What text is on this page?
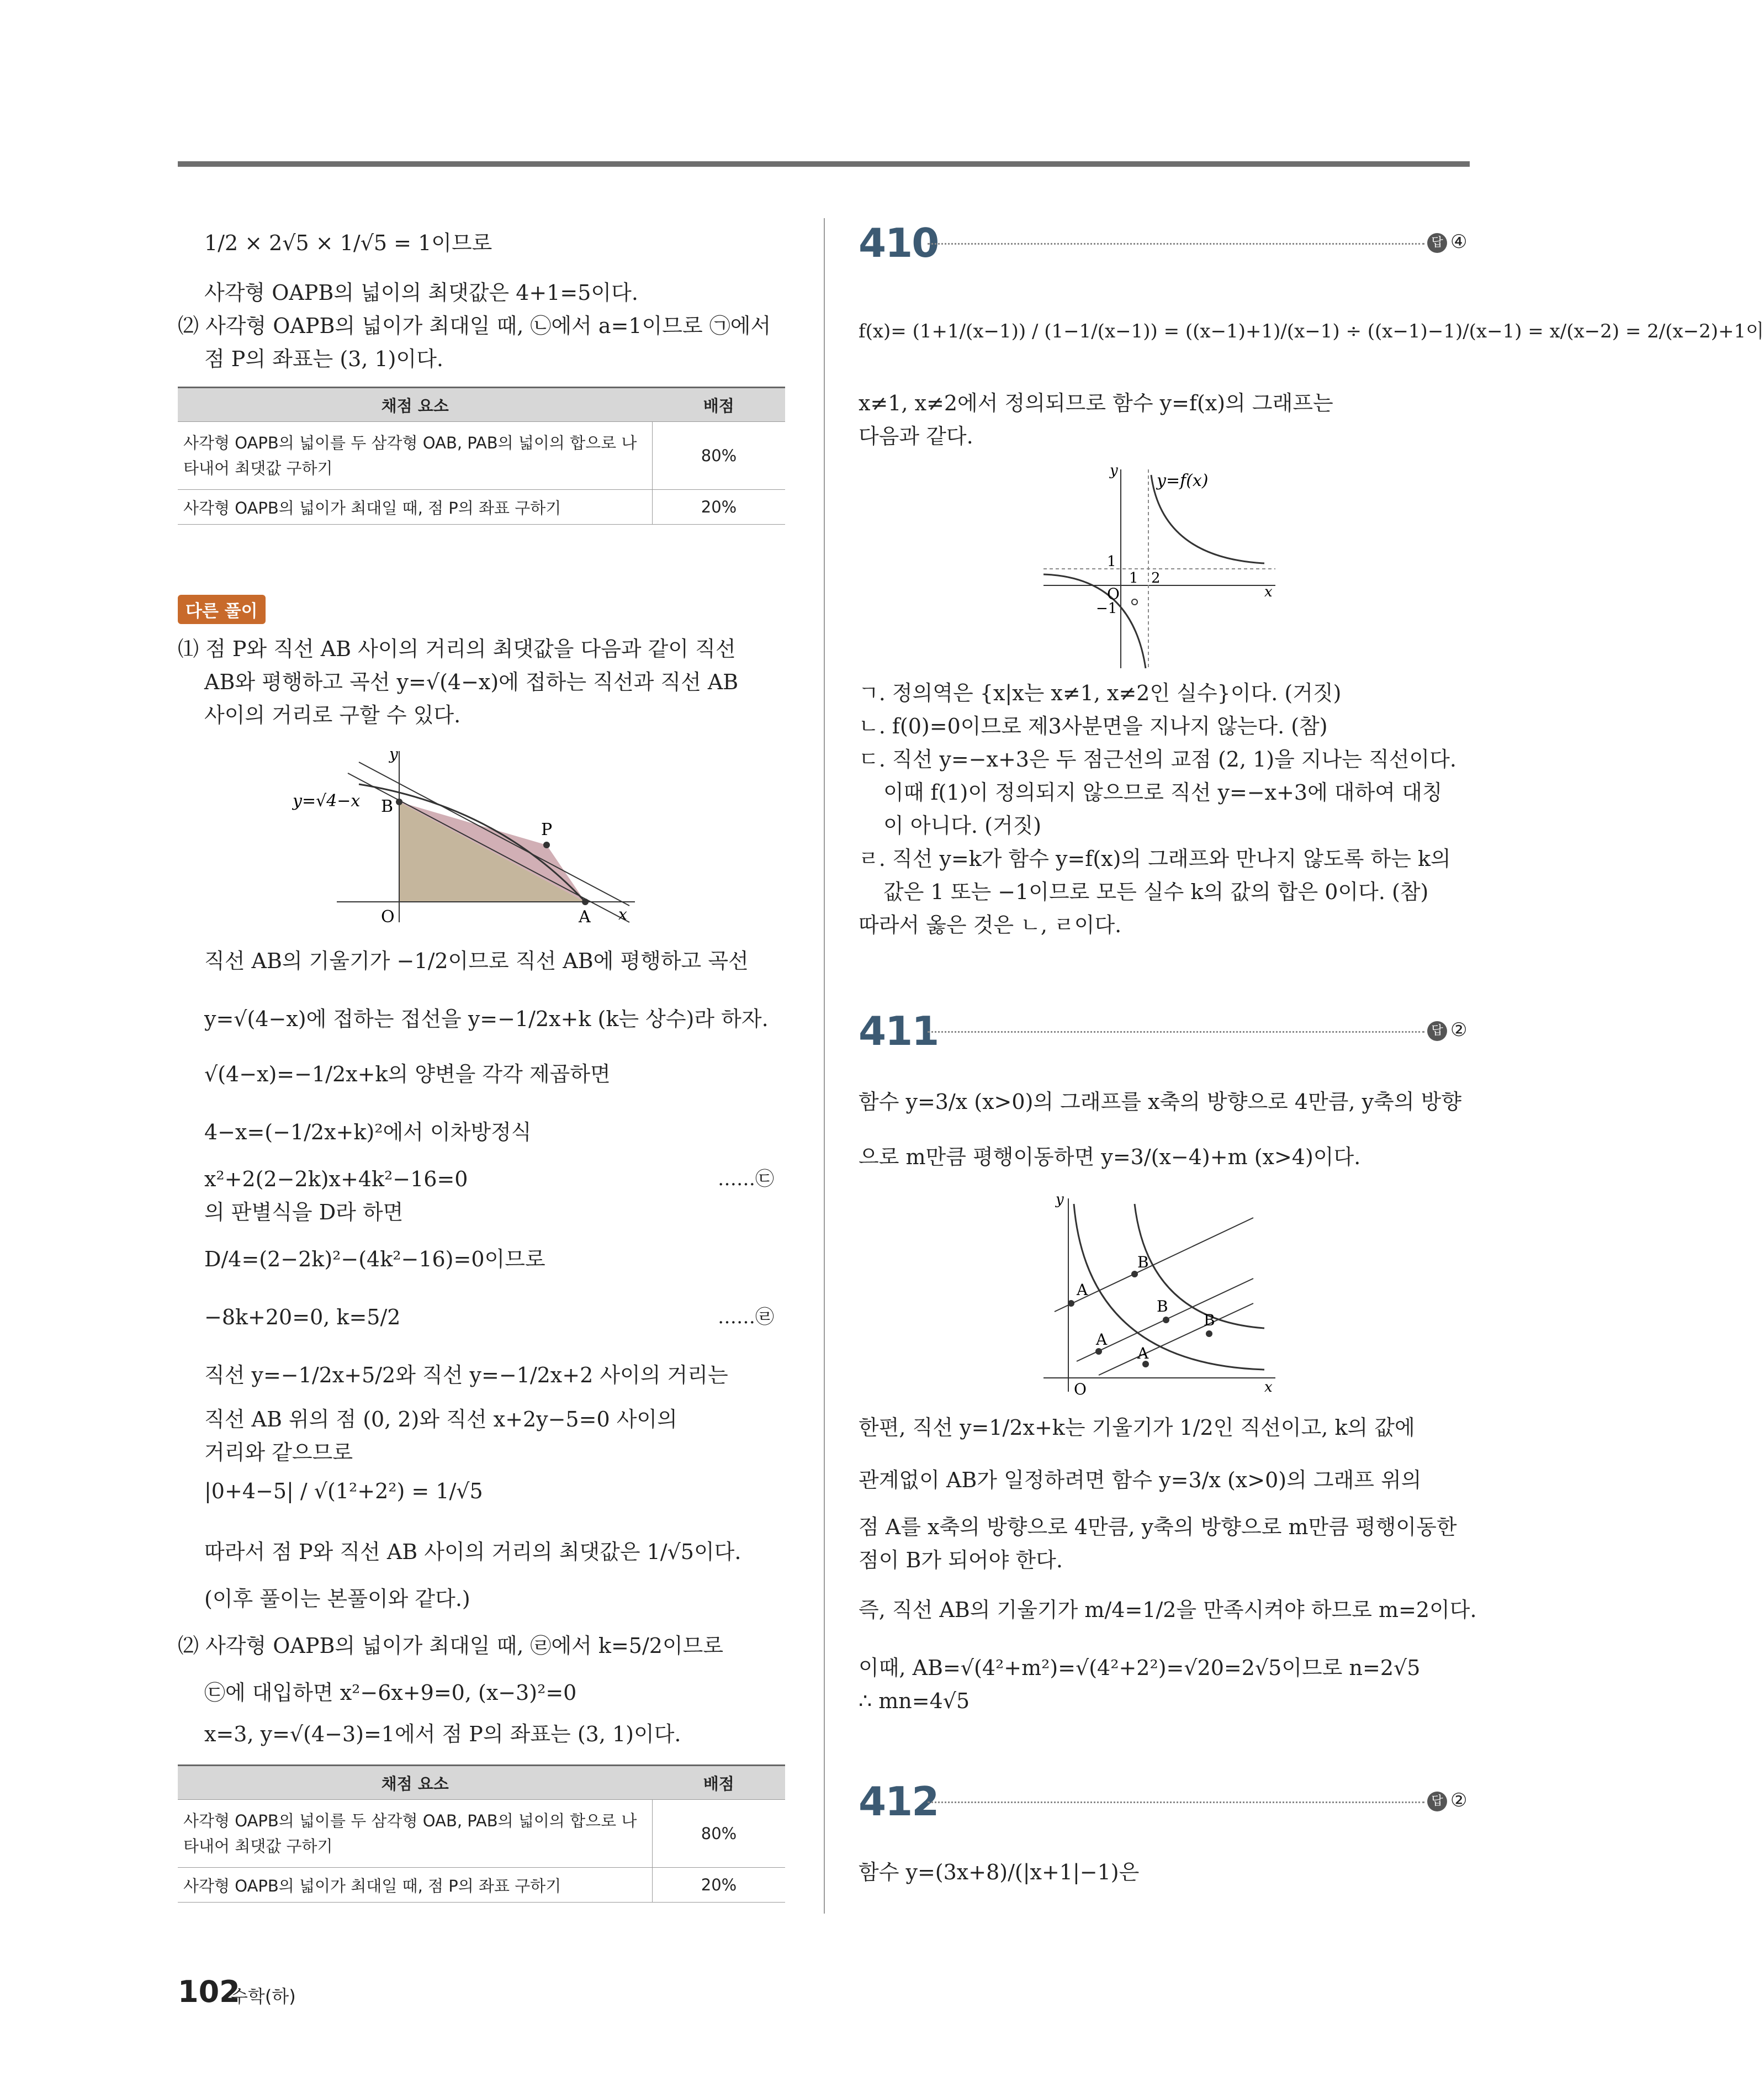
1/2 × 2√5 × 1/√5 = 1이므로
사각형 OAPB의 넓이의 최댓값은 4+1=5이다.
⑵ 사각형 OAPB의 넓이가 최대일 때, ㉡에서 a=1이므로 ㉠에서
점 P의 좌표는 (3, 1)이다.
채점 요소	배점
사각형 OAPB의 넓이를 두 삼각형 OAB, PAB의 넓이의 합으로 나타내어 최댓값 구하기	80%
사각형 OAPB의 넓이가 최대일 때, 점 P의 좌표 구하기	20%
다른 풀이
⑴ 점 P와 직선 AB 사이의 거리의 최댓값을 다음과 같이 직선
AB와 평행하고 곡선 y=√(4−x)에 접하는 직선과 직선 AB
사이의 거리로 구할 수 있다.
y=√4−x
y
x
O	A
B
P
직선 AB의 기울기가 −1/2이므로 직선 AB에 평행하고 곡선
y=√(4−x)에 접하는 접선을 y=−1/2x+k (k는 상수)라 하자.
√(4−x)=−1/2x+k의 양변을 각각 제곱하면
4−x=(−1/2x+k)²에서 이차방정식
x²+2(2−2k)x+4k²−16=0	……㉢
의 판별식을 D라 하면
D/4=(2−2k)²−(4k²−16)=0이므로
−8k+20=0, k=5/2	……㉣
직선 y=−1/2x+5/2와 직선 y=−1/2x+2 사이의 거리는
직선 AB 위의 점 (0, 2)와 직선 x+2y−5=0 사이의
거리와 같으므로
|0+4−5| / √(1²+2²) = 1/√5
따라서 점 P와 직선 AB 사이의 거리의 최댓값은 1/√5이다.
(이후 풀이는 본풀이와 같다.)
⑵ 사각형 OAPB의 넓이가 최대일 때, ㉣에서 k=5/2이므로
㉢에 대입하면 x²−6x+9=0, (x−3)²=0
x=3, y=√(4−3)=1에서 점 P의 좌표는 (3, 1)이다.
채점 요소	배점
사각형 OAPB의 넓이를 두 삼각형 OAB, PAB의 넓이의 합으로 나타내어 최댓값 구하기	80%
사각형 OAPB의 넓이가 최대일 때, 점 P의 좌표 구하기	20%
410	답 ④
f(x)= (1+1/(x−1)) / (1−1/(x−1)) = ((x−1)+1)/(x−1) ÷ ((x−1)−1)/(x−1) = x/(x−2) = 2/(x−2)+1이
x≠1, x≠2에서 정의되므로 함수 y=f(x)의 그래프는
다음과 같다.
y
y=f(x)
1
O
1 2
−1
x
ㄱ. 정의역은 {x|x는 x≠1, x≠2인 실수}이다. (거짓)
ㄴ. f(0)=0이므로 제3사분면을 지나지 않는다. (참)
ㄷ. 직선 y=−x+3은 두 점근선의 교점 (2, 1)을 지나는 직선이다.
이때 f(1)이 정의되지 않으므로 직선 y=−x+3에 대하여 대칭
이 아니다. (거짓)
ㄹ. 직선 y=k가 함수 y=f(x)의 그래프와 만나지 않도록 하는 k의
값은 1 또는 −1이므로 모든 실수 k의 값의 합은 0이다. (참)
따라서 옳은 것은 ㄴ, ㄹ이다.
411	답 ②
함수 y=3/x (x>0)의 그래프를 x축의 방향으로 4만큼, y축의 방향
으로 m만큼 평행이동하면 y=3/(x−4)+m (x>4)이다.
y
x
O
A
B
A
B
A
B
한편, 직선 y=1/2x+k는 기울기가 1/2인 직선이고, k의 값에
관계없이 AB가 일정하려면 함수 y=3/x (x>0)의 그래프 위의
점 A를 x축의 방향으로 4만큼, y축의 방향으로 m만큼 평행이동한
점이 B가 되어야 한다.
즉, 직선 AB의 기울기가 m/4=1/2을 만족시켜야 하므로 m=2이다.
이때, AB=√(4²+m²)=√(4²+2²)=√20=2√5이므로 n=2√5
∴ mn=4√5
412	답 ②
함수 y=(3x+8)/(|x+1|−1)은
102
수학(하)
